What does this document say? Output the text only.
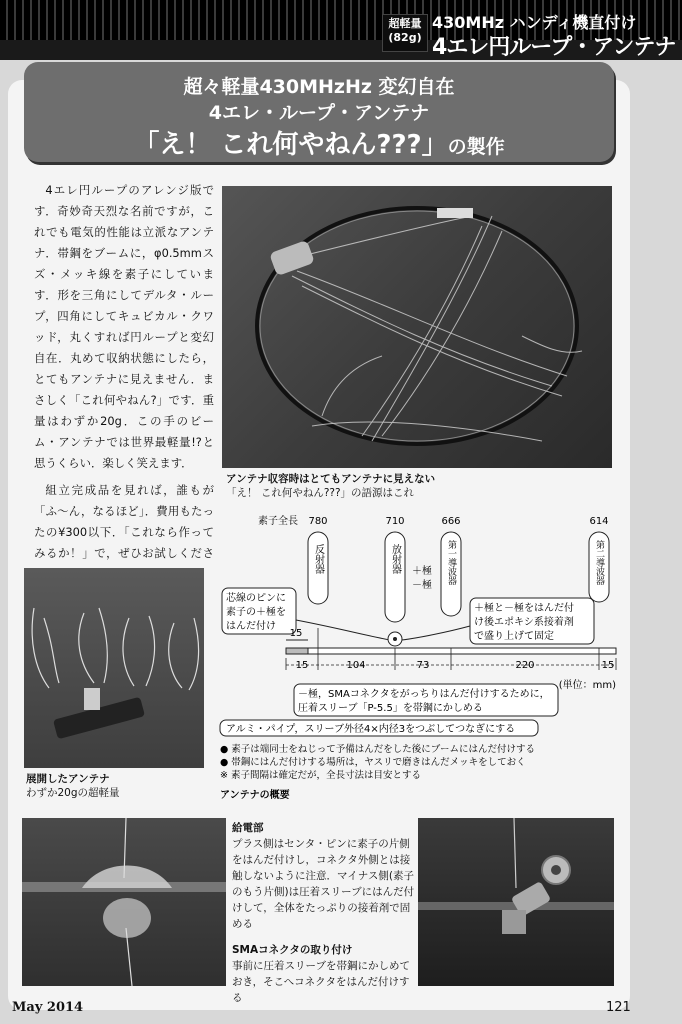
超軽量
(82g)
430MHz ハンディ機直付け
4エレ円ループ・アンテナ
超々軽量430MHzHz 変幻自在
4エレ・ループ・アンテナ
「え！ これ何やねん???」の製作

4エレ円ループのアレンジ版です．奇妙奇天烈な名前ですが，これでも電気的性能は立派なアンテナ．帯鋼をブームに，φ0.5mmスズ・メッキ線を素子にしています．形を三角にしてデルタ・ループ，四角にしてキュビカル・クワッド，丸くすれば円ループと変幻自在．丸めて収納状態にしたら，とてもアンテナに見えません．まさしく「これ何やねん?」です．重量はわずか20g．この手のビーム・アンテナでは世界最軽量!?と思うくらい．楽しく笑えます．

組立完成品を見れば，誰もが「ふ～ん，なるほど」．費用もたったの¥300以下．「これなら作ってみるか！」で，ぜひお試しくださ

アンテナ収容時はとてもアンテナに見えない
「え！ これ何やねん???」の語源はこれ
展開したアンテナ
わずか20gの超軽量
素子全長 780	710	666	614
反射器	放射器	第一導波器	第二導波器
＋極
－極
芯線のピンに
素子の＋極を
はんだ付け
＋極と－極をはんだ付
け後エポキシ系接着剤
で盛り上げて固定
15
15	104	73	220	15
(単位：mm)
－極，SMAコネクタをがっちりはんだ付けするために，
圧着スリーブ「P-5.5」を帯鋼にかしめる
アルミ・パイプ，スリーブ外径4×内径3をつぶしてつなぎにする
● 素子は端同士をねじって予備はんだをした後にブームにはんだ付けする
● 帯鋼にはんだ付けする場所は，ヤスリで磨きはんだメッキをしておく
※ 素子間隔は確定だが，全長寸法は目安とする
アンテナの概要
給電部
プラス側はセンタ・ピンに素子の片側をはんだ付けし，コネクタ外側とは接触しないように注意．マイナス側(素子のもう片側)は圧着スリーブにはんだ付けして，全体をたっぷりの接着剤で固める
SMAコネクタの取り付け
事前に圧着スリーブを帯鋼にかしめておき，そこへコネクタをはんだ付けする
May 2014	121
